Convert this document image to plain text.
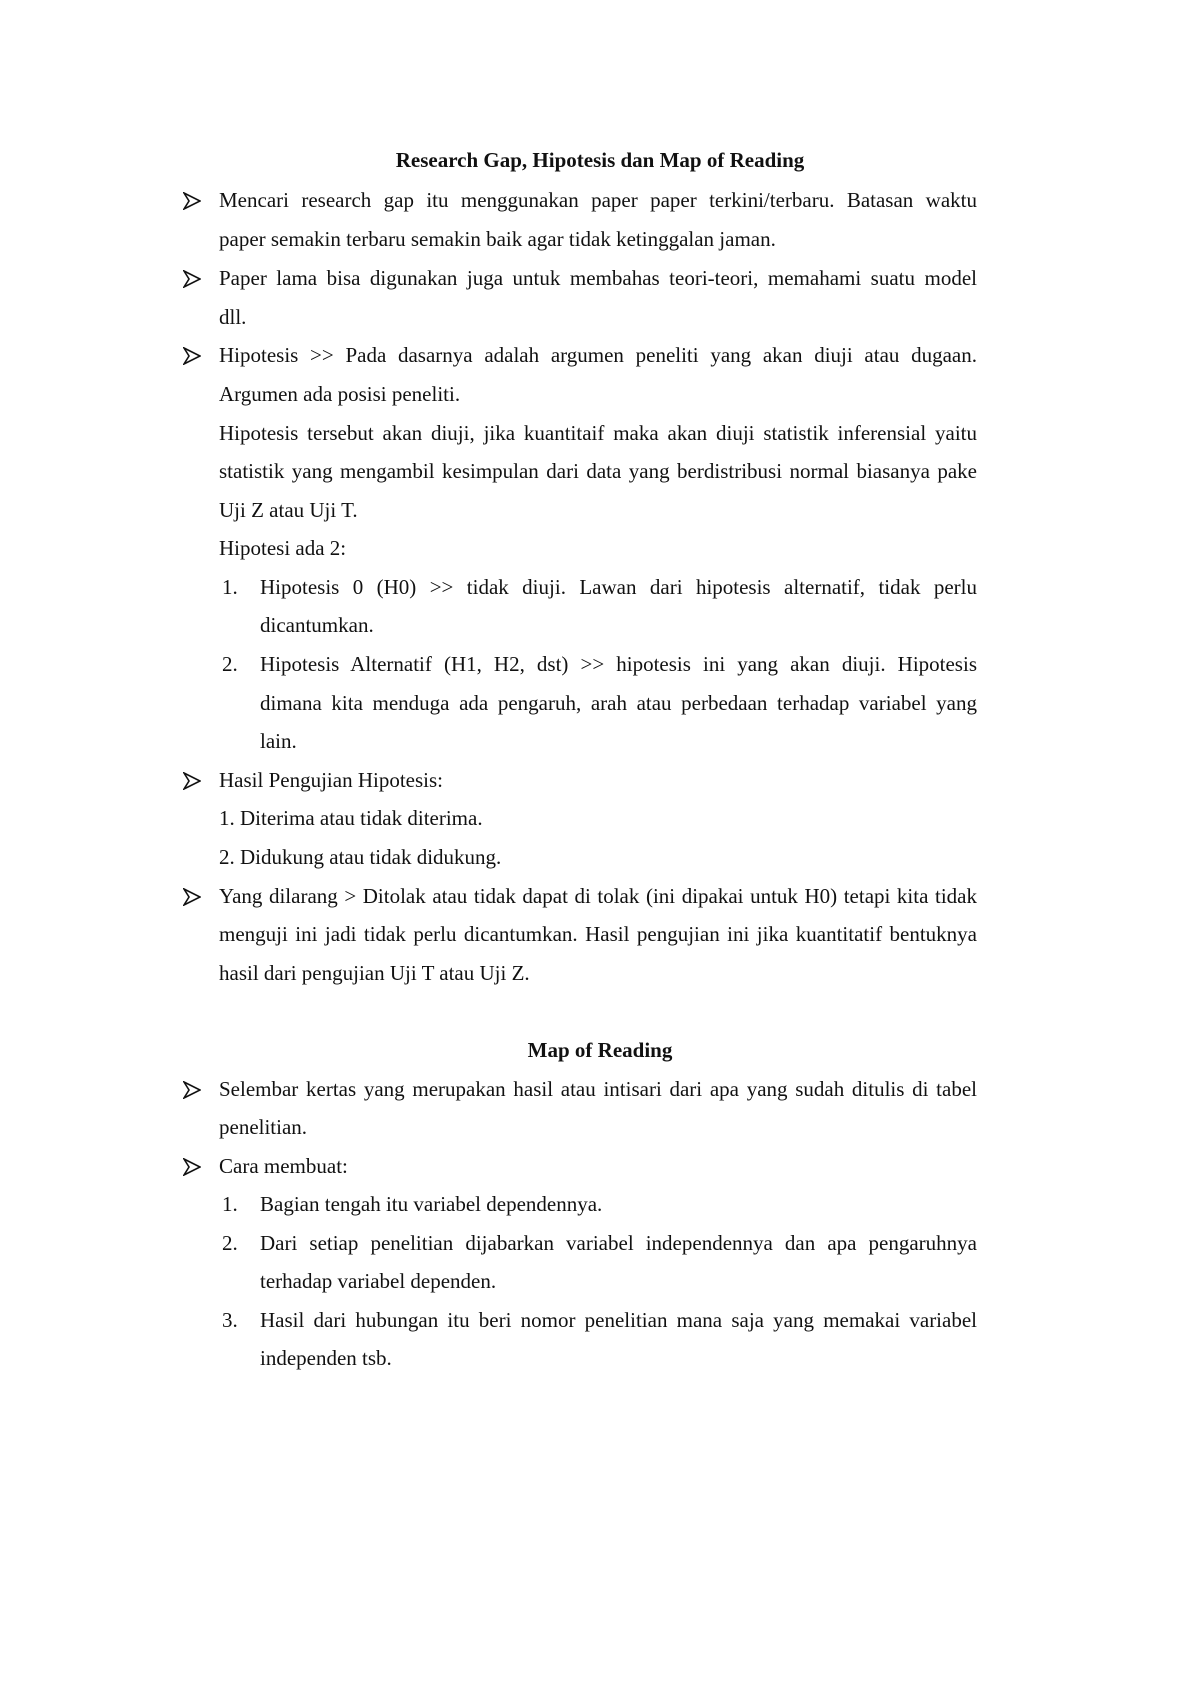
Research Gap, Hipotesis dan Map of Reading
Mencari research gap itu menggunakan paper paper terkini/terbaru. Batasan waktu
paper semakin terbaru semakin baik agar tidak ketinggalan jaman.
Paper lama bisa digunakan juga untuk membahas teori-teori, memahami suatu model
dll.
Hipotesis >> Pada dasarnya adalah argumen peneliti yang akan diuji atau dugaan.
Argumen ada posisi peneliti.
Hipotesis tersebut akan diuji, jika kuantitaif maka akan diuji statistik inferensial yaitu
statistik yang mengambil kesimpulan dari data yang berdistribusi normal biasanya pake
Uji Z atau Uji T.
Hipotesi ada 2:
1.	Hipotesis 0 (H0) >> tidak diuji. Lawan dari hipotesis alternatif, tidak perlu
dicantumkan.
2.	Hipotesis Alternatif (H1, H2, dst) >> hipotesis ini yang akan diuji. Hipotesis
dimana kita menduga ada pengaruh, arah atau perbedaan terhadap variabel yang
lain.
Hasil Pengujian Hipotesis:
1. Diterima atau tidak diterima.
2. Didukung atau tidak didukung.
Yang dilarang > Ditolak atau tidak dapat di tolak (ini dipakai untuk H0) tetapi kita tidak
menguji ini jadi tidak perlu dicantumkan. Hasil pengujian ini jika kuantitatif bentuknya
hasil dari pengujian Uji T atau Uji Z.
Map of Reading
Selembar kertas yang merupakan hasil atau intisari dari apa yang sudah ditulis di tabel
penelitian.
Cara membuat:
1.	Bagian tengah itu variabel dependennya.
2.	Dari setiap penelitian dijabarkan variabel independennya dan apa pengaruhnya
terhadap variabel dependen.
3.	Hasil dari hubungan itu beri nomor penelitian mana saja yang memakai variabel
independen tsb.
